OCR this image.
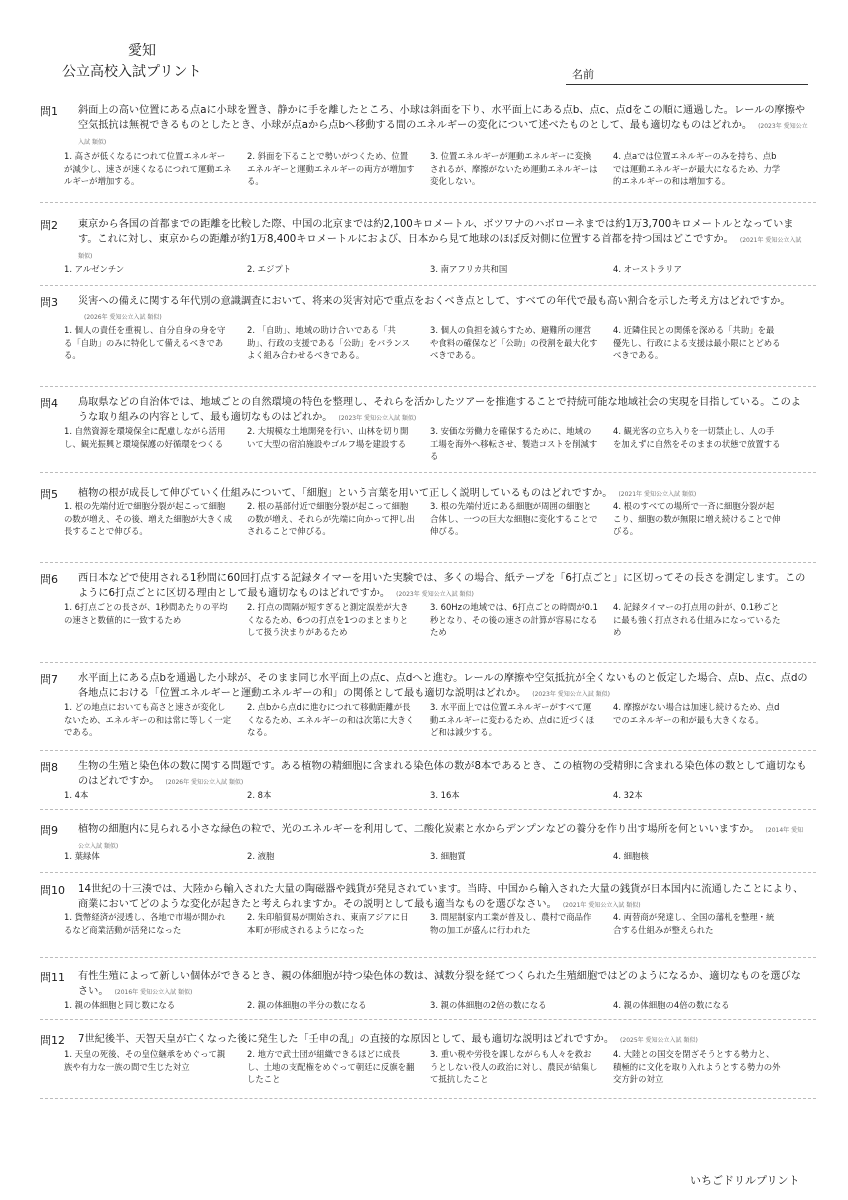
愛知
公立高校入試プリント	名前
問1 斜面上の高い位置にある点aに小球を置き、静かに手を離したところ、小球は斜面を下り、水平面上にある点b、点c、点dをこの順に通過した。レールの摩擦や空気抵抗は無視できるものとしたとき、小球が点aから点bへ移動する間のエネルギーの変化について述べたものとして、最も適切なものはどれか。 (2023年 愛知公立入試 類似)
1. 高さが低くなるにつれて位置エネルギーが減少し、速さが速くなるにつれて運動エネルギーが増加する。
2. 斜面を下ることで勢いがつくため、位置エネルギーと運動エネルギーの両方が増加する。
3. 位置エネルギーが運動エネルギーに変換されるが、摩擦がないため運動エネルギーは変化しない。
4. 点aでは位置エネルギーのみを持ち、点bでは運動エネルギーが最大になるため、力学的エネルギーの和は増加する。
問2 東京から各国の首都までの距離を比較した際、中国の北京までは約2,100キロメートル、ボツワナのハボローネまでは約1万3,700キロメートルとなっています。これに対し、東京からの距離が約1万8,400キロメートルにおよび、日本から見て地球のほぼ反対側に位置する首都を持つ国はどこですか。 (2021年 愛知公立入試 類似)
1. アルゼンチン	2. エジプト	3. 南アフリカ共和国	4. オーストラリア
問3 災害への備えに関する年代別の意識調査において、将来の災害対応で重点をおくべき点として、すべての年代で最も高い割合を示した考え方はどれですか。(2026年 愛知公立入試 類似)
1. 個人の責任を重視し、自分自身の身を守る「自助」のみに特化して備えるべきである。
2. 「自助」、地域の助け合いである「共助」、行政の支援である「公助」をバランスよく組み合わせるべきである。
3. 個人の負担を減らすため、避難所の運営や食料の確保など「公助」の役割を最大化すべきである。
4. 近隣住民との関係を深める「共助」を最優先し、行政による支援は最小限にとどめるべきである。
問4 鳥取県などの自治体では、地域ごとの自然環境の特色を整理し、それらを活かしたツアーを推進することで持続可能な地域社会の実現を目指している。このような取り組みの内容として、最も適切なものはどれか。 (2023年 愛知公立入試 類似)
1. 自然資源を環境保全に配慮しながら活用し、観光振興と環境保護の好循環をつくる
2. 大規模な土地開発を行い、山林を切り開いて大型の宿泊施設やゴルフ場を建設する
3. 安価な労働力を確保するために、地域の工場を海外へ移転させ、製造コストを削減する
4. 観光客の立ち入りを一切禁止し、人の手を加えずに自然をそのままの状態で放置する
問5 植物の根が成長して伸びていく仕組みについて、「細胞」という言葉を用いて正しく説明しているものはどれですか。 (2021年 愛知公立入試 類似)
1. 根の先端付近で細胞分裂が起こって細胞の数が増え、その後、増えた細胞が大きく成長することで伸びる。
2. 根の基部付近で細胞分裂が起こって細胞の数が増え、それらが先端に向かって押し出されることで伸びる。
3. 根の先端付近にある細胞が周囲の細胞と合体し、一つの巨大な細胞に変化することで伸びる。
4. 根のすべての場所で一斉に細胞分裂が起こり、細胞の数が無限に増え続けることで伸びる。
問6 西日本などで使用される1秒間に60回打点する記録タイマーを用いた実験では、多くの場合、紙テープを「6打点ごと」に区切ってその長さを測定します。このように6打点ごとに区切る理由として最も適切なものはどれですか。 (2023年 愛知公立入試 類似)
1. 6打点ごとの長さが、1秒間あたりの平均の速さと数値的に一致するため
2. 打点の間隔が短すぎると測定誤差が大きくなるため、6つの打点を1つのまとまりとして扱う決まりがあるため
3. 60Hzの地域では、6打点ごとの時間が0.1秒となり、その後の速さの計算が容易になるため
4. 記録タイマーの打点用の針が、0.1秒ごとに最も強く打点される仕組みになっているため
問7 水平面上にある点bを通過した小球が、そのまま同じ水平面上の点c、点dへと進む。レールの摩擦や空気抵抗が全くないものと仮定した場合、点b、点c、点dの各地点における「位置エネルギーと運動エネルギーの和」の関係として最も適切な説明はどれか。 (2023年 愛知公立入試 類似)
1. どの地点においても高さと速さが変化しないため、エネルギーの和は常に等しく一定である。
2. 点bから点dに進むにつれて移動距離が長くなるため、エネルギーの和は次第に大きくなる。
3. 水平面上では位置エネルギーがすべて運動エネルギーに変わるため、点dに近づくほど和は減少する。
4. 摩擦がない場合は加速し続けるため、点dでのエネルギーの和が最も大きくなる。
問8 生物の生殖と染色体の数に関する問題です。ある植物の精細胞に含まれる染色体の数が8本であるとき、この植物の受精卵に含まれる染色体の数として適切なものはどれですか。 (2026年 愛知公立入試 類似)
1. 4本	2. 8本	3. 16本	4. 32本
問9 植物の細胞内に見られる小さな緑色の粒で、光のエネルギーを利用して、二酸化炭素と水からデンプンなどの養分を作り出す場所を何といいますか。 (2014年 愛知公立入試 類似)
1. 葉緑体	2. 液胞	3. 細胞質	4. 細胞核
問10 14世紀の十三湊では、大陸から輸入された大量の陶磁器や銭貨が発見されています。当時、中国から輸入された大量の銭貨が日本国内に流通したことにより、商業においてどのような変化が起きたと考えられますか。その説明として最も適当なものを選びなさい。 (2021年 愛知公立入試 類似)
1. 貨幣経済が浸透し、各地で市場が開かれるなど商業活動が活発になった
2. 朱印船貿易が開始され、東南アジアに日本町が形成されるようになった
3. 問屋制家内工業が普及し、農村で商品作物の加工が盛んに行われた
4. 両替商が発達し、全国の藩札を整理・統合する仕組みが整えられた
問11 有性生殖によって新しい個体ができるとき、親の体細胞が持つ染色体の数は、減数分裂を経てつくられた生殖細胞ではどのようになるか、適切なものを選びなさい。 (2016年 愛知公立入試 類似)
1. 親の体細胞と同じ数になる	2. 親の体細胞の半分の数になる	3. 親の体細胞の2倍の数になる	4. 親の体細胞の4倍の数になる
問12 7世紀後半、天智天皇が亡くなった後に発生した「壬申の乱」の直接的な原因として、最も適切な説明はどれですか。 (2025年 愛知公立入試 類似)
1. 天皇の死後、その皇位継承をめぐって親族や有力な一族の間で生じた対立
2. 地方で武士団が組織できるほどに成長し、土地の支配権をめぐって朝廷に反旗を翻したこと
3. 重い税や労役を課しながらも人々を救おうとしない役人の政治に対し、農民が結集して抵抗したこと
4. 大陸との国交を閉ざそうとする勢力と、積極的に文化を取り入れようとする勢力の外交方針の対立
いちごドリルプリント
